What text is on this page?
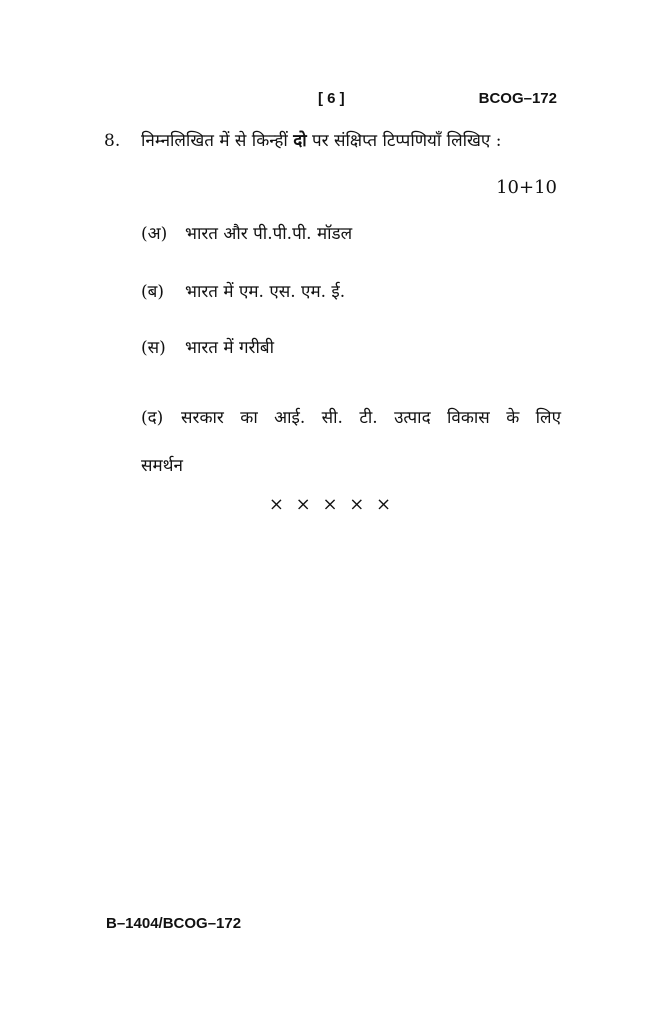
[ 6 ]	BCOG–172
8. निम्नलिखित में से किन्हीं दो पर संक्षिप्त टिप्पणियाँ लिखिए :
10+10
(अ) भारत और पी.पी.पी. मॉडल
(ब) भारत में एम. एस. एम. ई.
(स) भारत में गरीबी
(द) सरकार का आई. सी. टी. उत्पाद विकास के लिए समर्थन
× × × × ×
B–1404/BCOG–172
